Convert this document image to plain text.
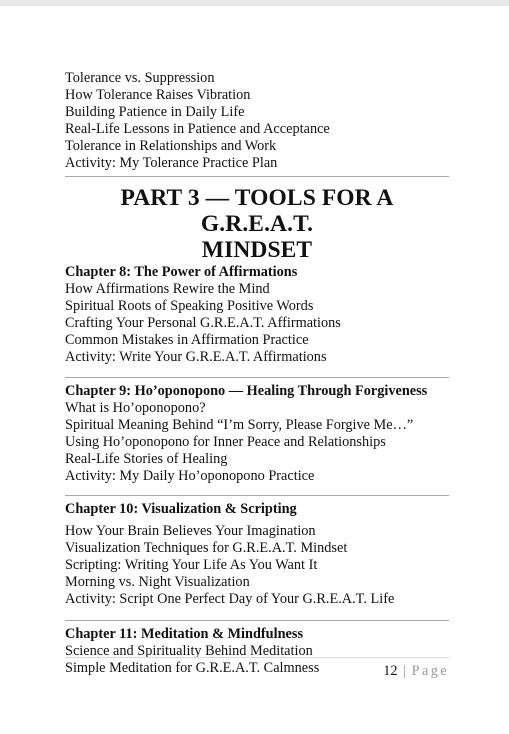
Tolerance vs. Suppression
How Tolerance Raises Vibration
Building Patience in Daily Life
Real-Life Lessons in Patience and Acceptance
Tolerance in Relationships and Work
Activity: My Tolerance Practice Plan
PART 3 — TOOLS FOR A G.R.E.A.T.
MINDSET
Chapter 8: The Power of Affirmations
How Affirmations Rewire the Mind
Spiritual Roots of Speaking Positive Words
Crafting Your Personal G.R.E.A.T. Affirmations
Common Mistakes in Affirmation Practice
Activity: Write Your G.R.E.A.T. Affirmations
Chapter 9: Ho’oponopono — Healing Through Forgiveness
What is Ho’oponopono?
Spiritual Meaning Behind “I’m Sorry, Please Forgive Me…”
Using Ho’oponopono for Inner Peace and Relationships
Real-Life Stories of Healing
Activity: My Daily Ho’oponopono Practice
Chapter 10: Visualization & Scripting
How Your Brain Believes Your Imagination
Visualization Techniques for G.R.E.A.T. Mindset
Scripting: Writing Your Life As You Want It
Morning vs. Night Visualization
Activity: Script One Perfect Day of Your G.R.E.A.T. Life
Chapter 11: Meditation & Mindfulness
Science and Spirituality Behind Meditation
Simple Meditation for G.R.E.A.T. Calmness	12 | Page
